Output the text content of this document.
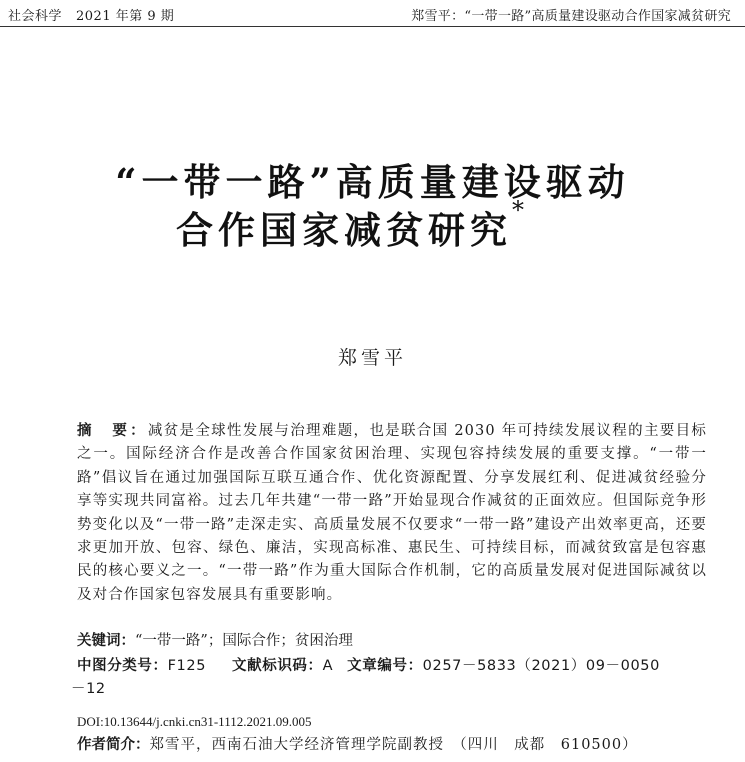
社会科学 2021 年第 9 期	郑雪平：“一带一路”高质量建设驱动合作国家减贫研究
“一带一路”高质量建设驱动
合作国家减贫研究*
郑雪平
摘　要：减贫是全球性发展与治理难题，也是联合国 2030 年可持续发展议程的主要目标之一。国际经济合作是改善合作国家贫困治理、实现包容持续发展的重要支撑。“一带一路”倡议旨在通过加强国际互联互通合作、优化资源配置、分享发展红利、促进减贫经验分享等实现共同富裕。过去几年共建“一带一路”开始显现合作减贫的正面效应。但国际竞争形势变化以及“一带一路”走深走实、高质量发展不仅要求“一带一路”建设产出效率更高，还要求更加开放、包容、绿色、廉洁，实现高标准、惠民生、可持续目标，而减贫致富是包容惠民的核心要义之一。“一带一路”作为重大国际合作机制，它的高质量发展对促进国际减贫以及对合作国家包容发展具有重要影响。
关键词：“一带一路”；国际合作；贫困治理
中图分类号：F125 文献标识码：A 文章编号：0257－5833（2021）09－0050
－12
DOI:10.13644/j.cnki.cn31-1112.2021.09.005
作者简介：郑雪平，西南石油大学经济管理学院副教授　（四川　成都　610500）
